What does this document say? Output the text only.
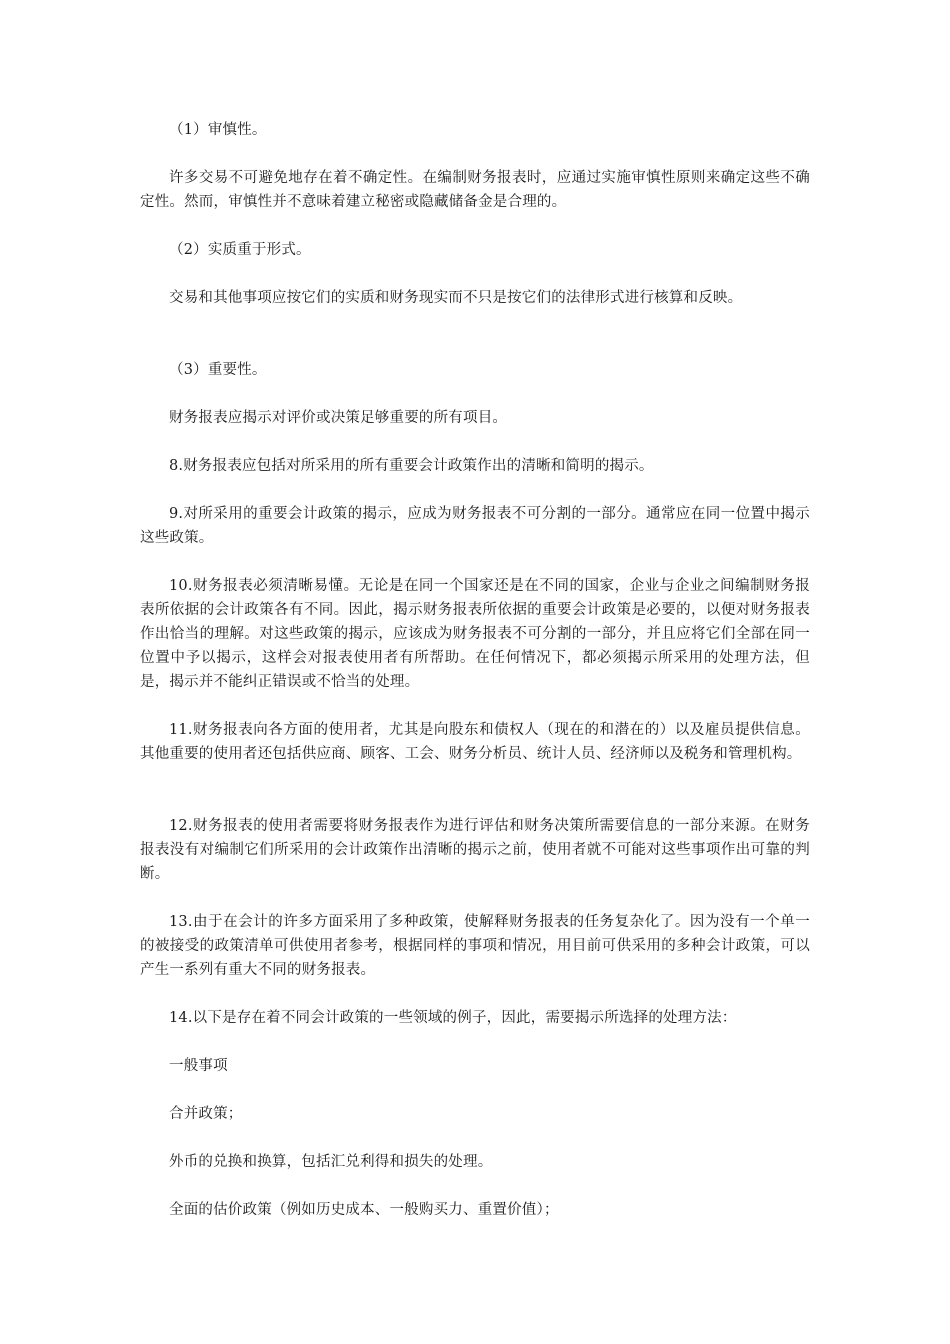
（1）审慎性。

许多交易不可避免地存在着不确定性。在编制财务报表时，应通过实施审慎性原则来确定这些不确定性。然而，审慎性并不意味着建立秘密或隐藏储备金是合理的。

（2）实质重于形式。

交易和其他事项应按它们的实质和财务现实而不只是按它们的法律形式进行核算和反映。

（3）重要性。

财务报表应揭示对评价或决策足够重要的所有项目。

8.财务报表应包括对所采用的所有重要会计政策作出的清晰和简明的揭示。

9.对所采用的重要会计政策的揭示，应成为财务报表不可分割的一部分。通常应在同一位置中揭示这些政策。

10.财务报表必须清晰易懂。无论是在同一个国家还是在不同的国家，企业与企业之间编制财务报表所依据的会计政策各有不同。因此，揭示财务报表所依据的重要会计政策是必要的，以便对财务报表作出恰当的理解。对这些政策的揭示，应该成为财务报表不可分割的一部分，并且应将它们全部在同一位置中予以揭示，这样会对报表使用者有所帮助。在任何情况下，都必须揭示所采用的处理方法，但是，揭示并不能纠正错误或不恰当的处理。

11.财务报表向各方面的使用者，尤其是向股东和债权人（现在的和潜在的）以及雇员提供信息。其他重要的使用者还包括供应商、顾客、工会、财务分析员、统计人员、经济师以及税务和管理机构。

12.财务报表的使用者需要将财务报表作为进行评估和财务决策所需要信息的一部分来源。在财务报表没有对编制它们所采用的会计政策作出清晰的揭示之前，使用者就不可能对这些事项作出可靠的判断。

13.由于在会计的许多方面采用了多种政策，使解释财务报表的任务复杂化了。因为没有一个单一的被接受的政策清单可供使用者参考，根据同样的事项和情况，用目前可供采用的多种会计政策，可以产生一系列有重大不同的财务报表。

14.以下是存在着不同会计政策的一些领域的例子，因此，需要揭示所选择的处理方法：

一般事项

合并政策；

外币的兑换和换算，包括汇兑利得和损失的处理。

全面的估价政策（例如历史成本、一般购买力、重置价值）；
